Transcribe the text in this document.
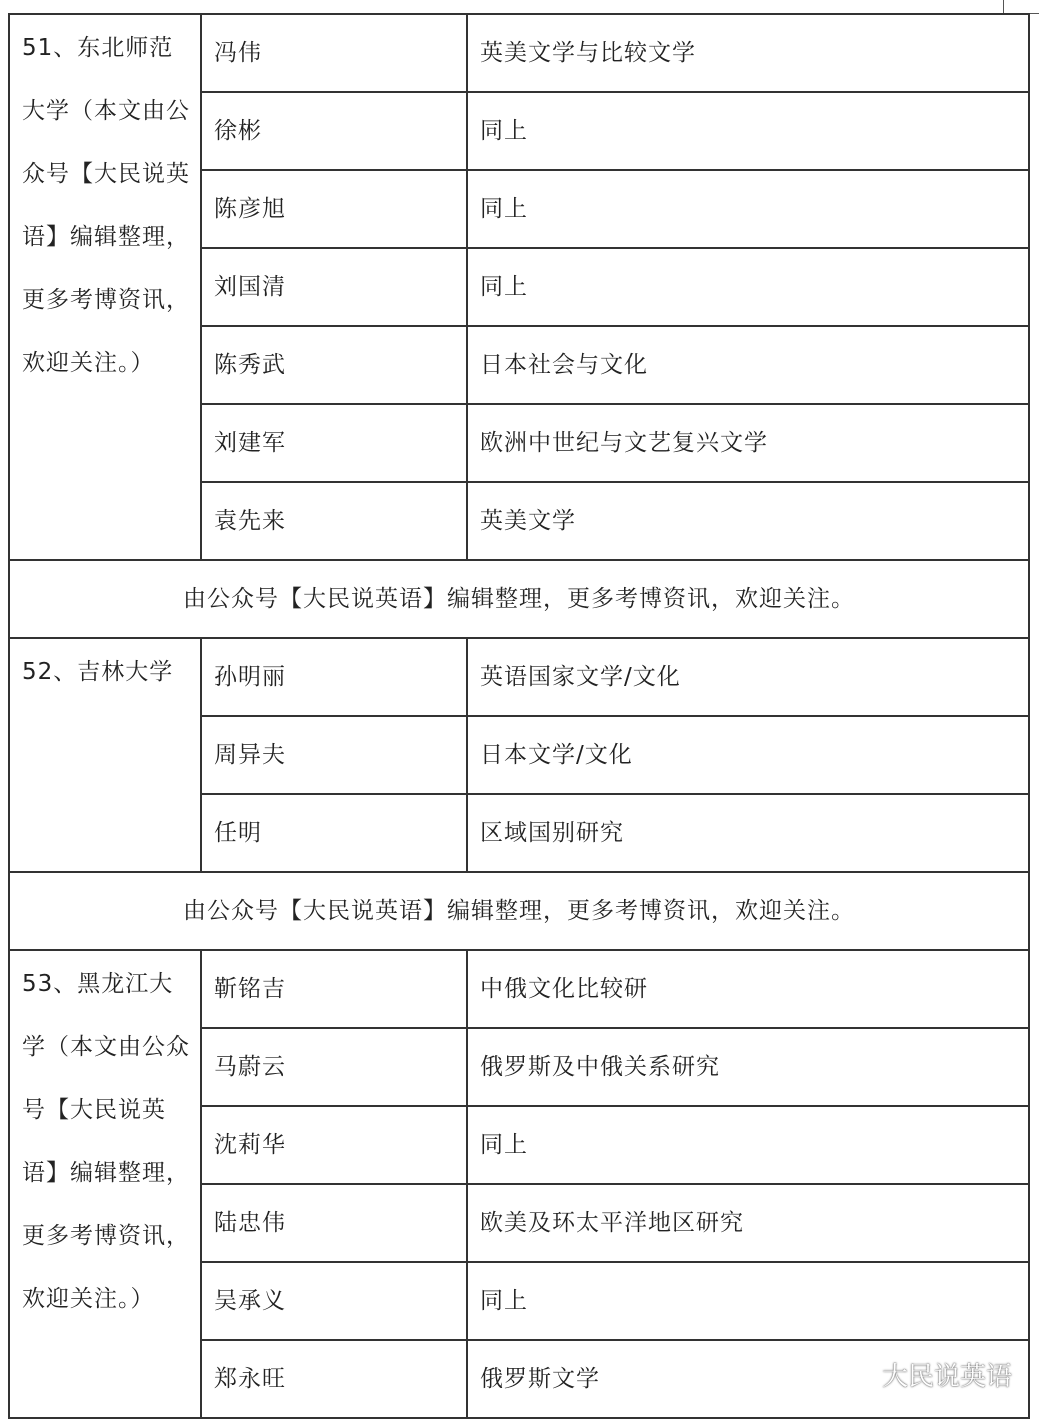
51、东北师范大学（本文由公众号【大民说英语】编辑整理，更多考博资讯，欢迎关注。）	冯伟	英美文学与比较文学
	徐彬	同上
	陈彦旭	同上
	刘国清	同上
	陈秀武	日本社会与文化
	刘建军	欧洲中世纪与文艺复兴文学
	袁先来	英美文学
由公众号【大民说英语】编辑整理，更多考博资讯，欢迎关注。		

52、吉林大学	孙明丽	英语国家文学/文化
	周异夫	日本文学/文化
	任明	区域国别研究
由公众号【大民说英语】编辑整理，更多考博资讯，欢迎关注。		

53、黑龙江大学（本文由公众号【大民说英语】编辑整理，更多考博资讯，欢迎关注。）	靳铭吉	中俄文化比较研
	马蔚云	俄罗斯及中俄关系研究
	沈莉华	同上
	陆忠伟	欧美及环太平洋地区研究
	吴承义	同上
	郑永旺	俄罗斯文学	大民说英语
